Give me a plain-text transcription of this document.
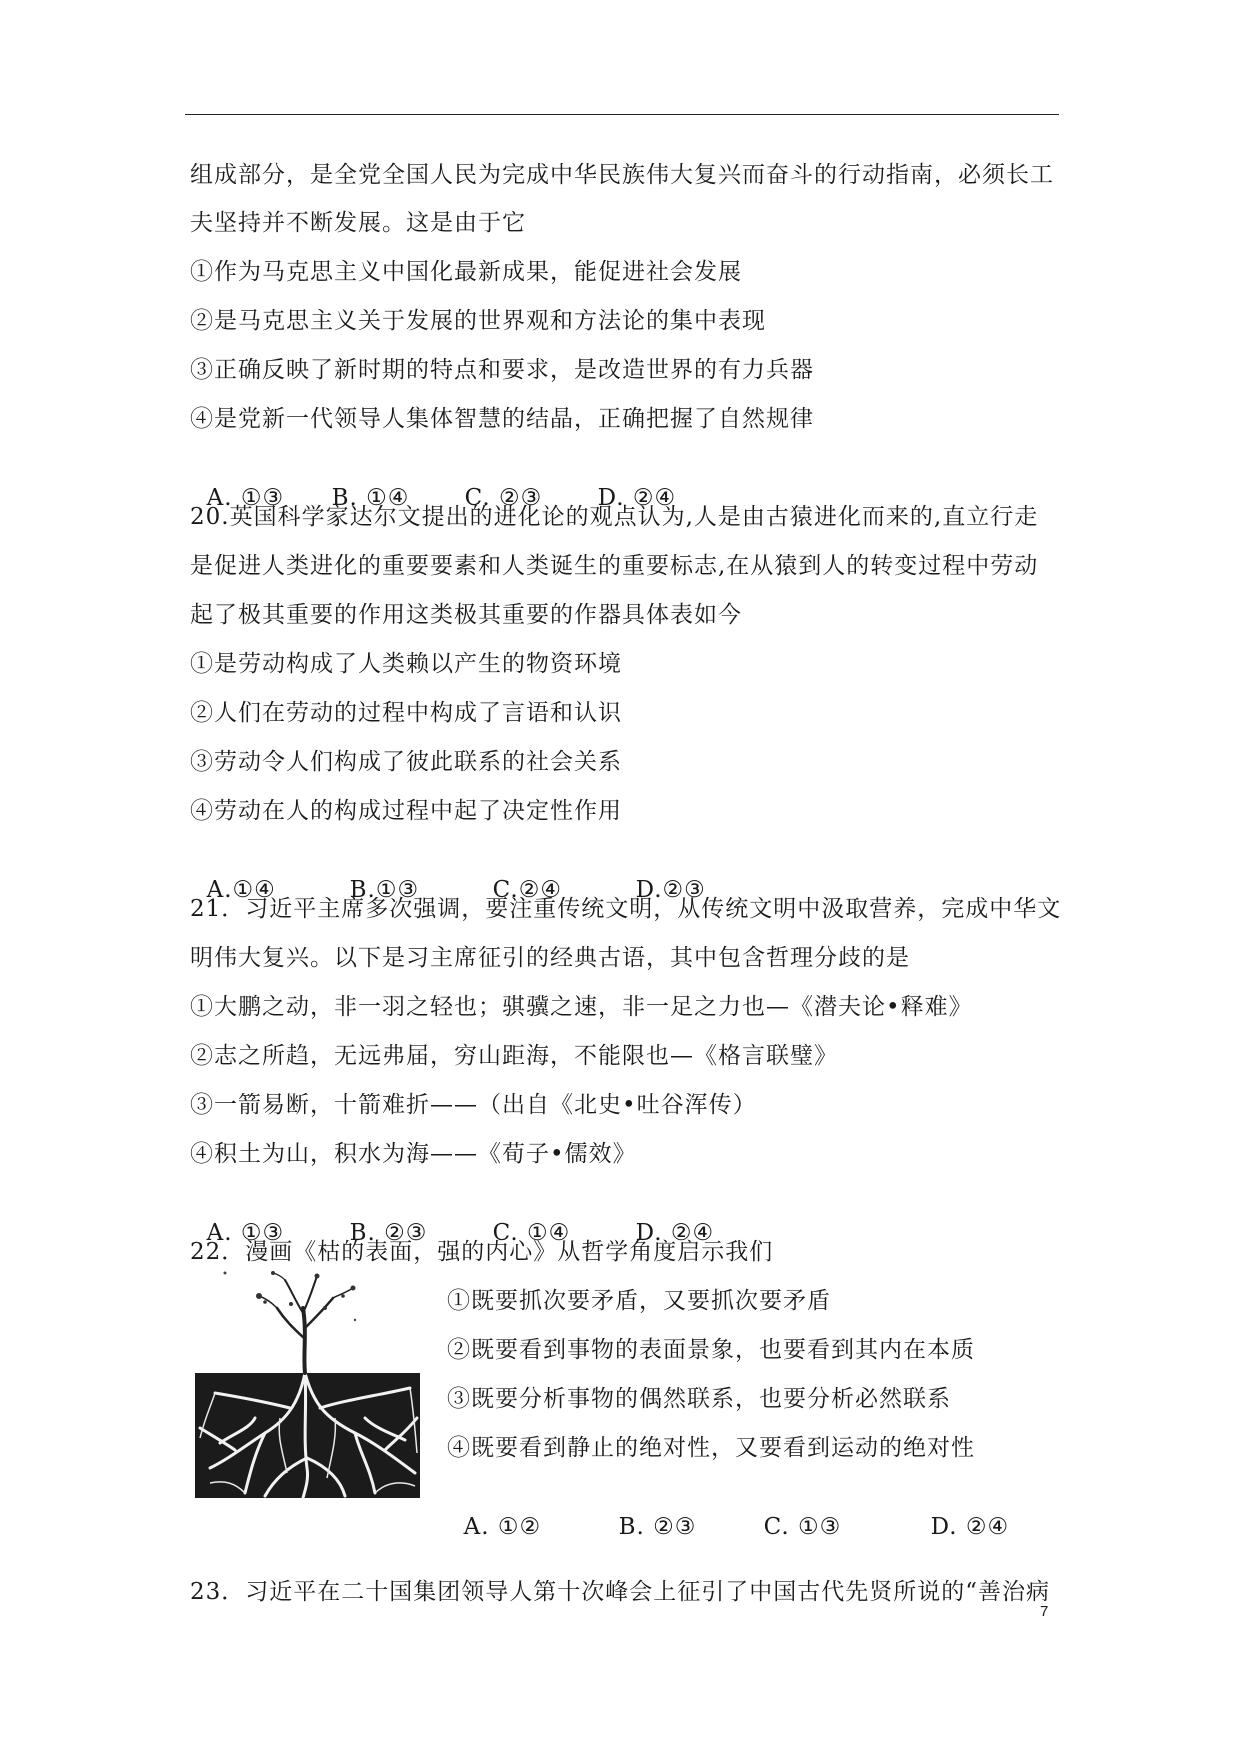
组成部分，是全党全国人民为完成中华民族伟大复兴而奋斗的行动指南，必须长工
夫坚持并不断发展。这是由于它
①作为马克思主义中国化最新成果，能促进社会发展
②是马克思主义关于发展的世界观和方法论的集中表现
③正确反映了新时期的特点和要求，是改造世界的有力兵器
④是党新一代领导人集体智慧的结晶，正确把握了自然规律

A. ①③ B. ①④ C. ②③ D. ②④

20.英国科学家达尔文提出的进化论的观点认为,人是由古猿进化而来的,直立行走
是促进人类进化的重要要素和人类诞生的重要标志,在从猿到人的转变过程中劳动
起了极其重要的作用这类极其重要的作器具体表如今
①是劳动构成了人类赖以产生的物资环境
②人们在劳动的过程中构成了言语和认识
③劳动令人们构成了彼此联系的社会关系
④劳动在人的构成过程中起了决定性作用

A.①④	B.①③	C.②④	D.②③

21．习近平主席多次强调，要注重传统文明，从传统文明中汲取营养，完成中华文
明伟大复兴。以下是习主席征引的经典古语，其中包含哲理分歧的是
①大鹏之动，非一羽之轻也；骐骥之速，非一足之力也—《潜夫论•释难》
②志之所趋，无远弗届，穷山距海，不能限也—《格言联璧》
③一箭易断，十箭难折——（出自《北史•吐谷浑传）
④积土为山，积水为海——《荀子•儒效》

A. ①③	B. ②③	C. ①④	D. ②④

22．漫画《枯的表面，强的内心》从哲学角度启示我们
①既要抓次要矛盾，又要抓次要矛盾
②既要看到事物的表面景象，也要看到其内在本质
③既要分析事物的偶然联系，也要分析必然联系
④既要看到静止的绝对性，又要看到运动的绝对性

A. ①②	B. ②③	C. ①③	D. ②④

23．习近平在二十国集团领导人第十次峰会上征引了中国古代先贤所说的“善治病
7
